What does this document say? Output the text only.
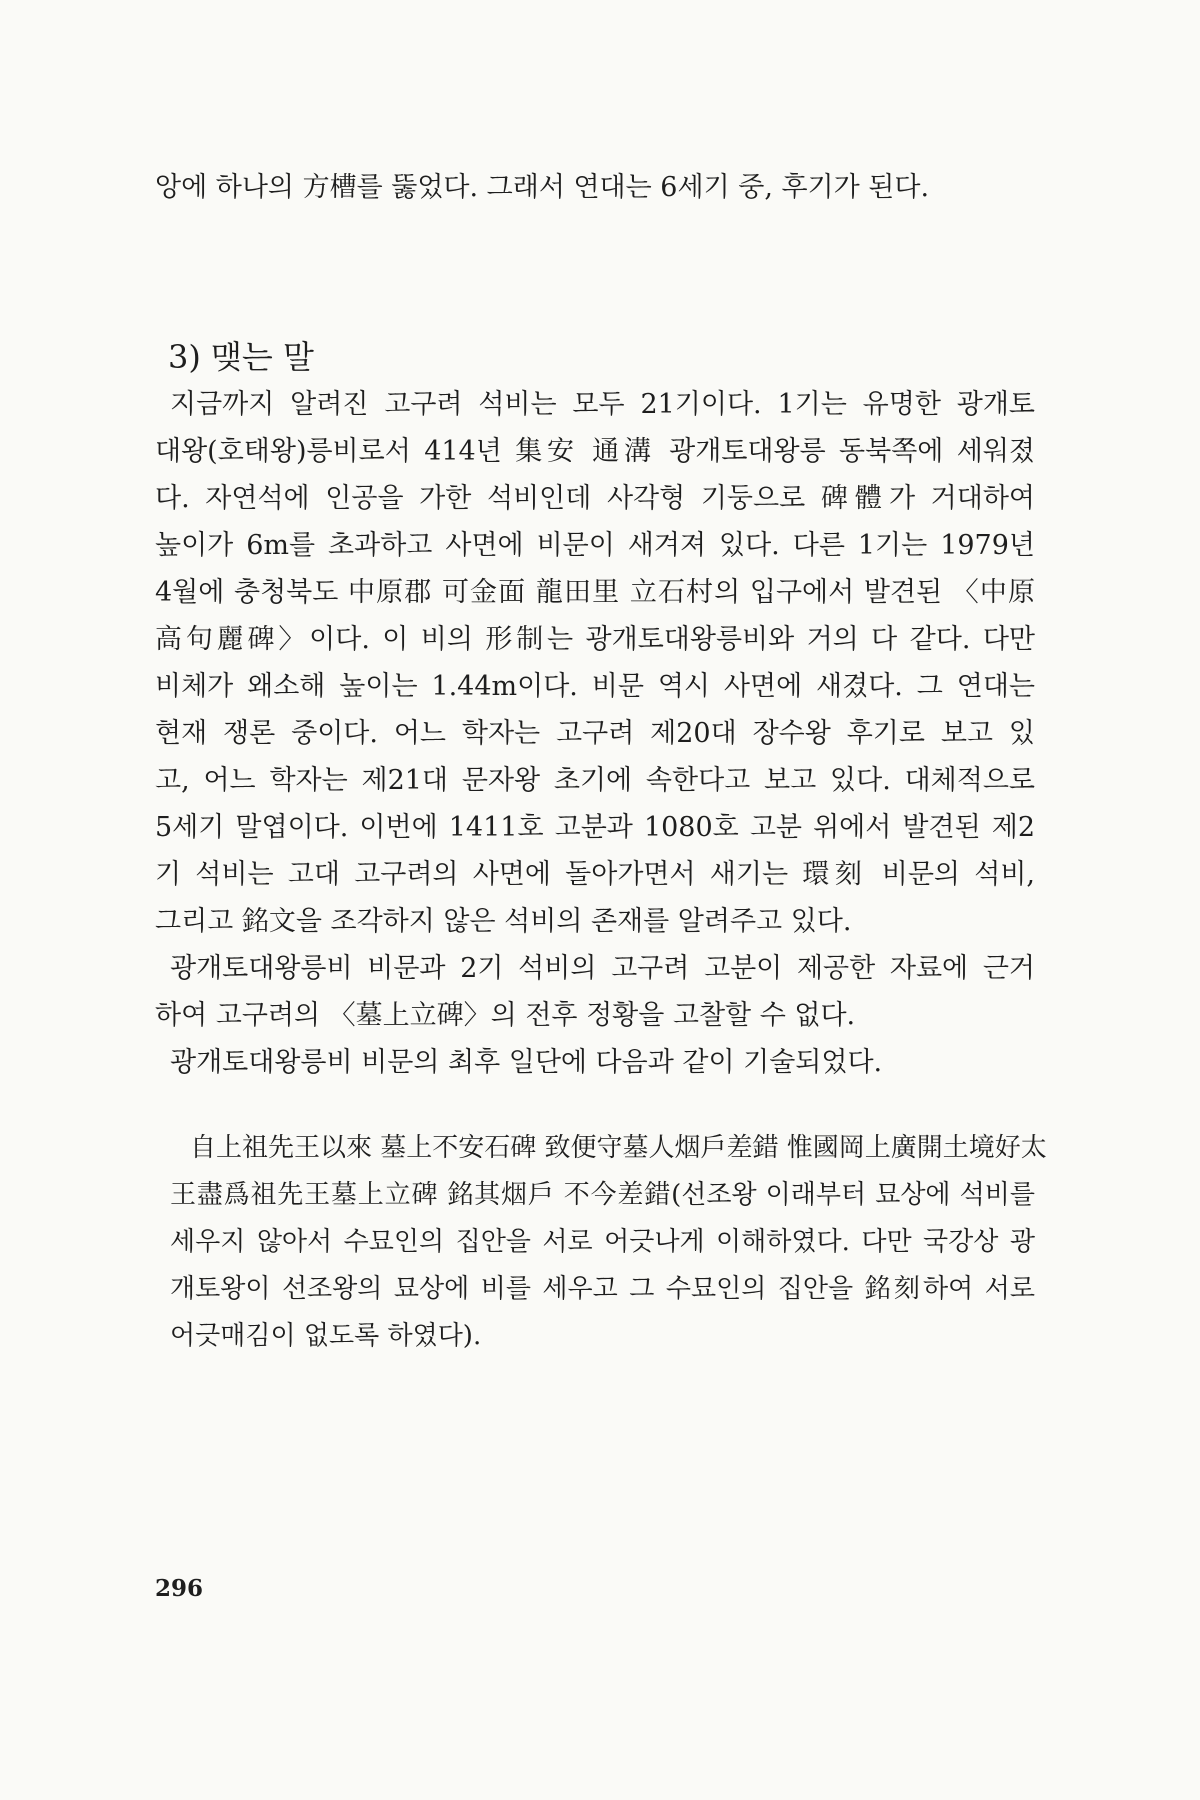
앙에 하나의 方槽를 뚫었다. 그래서 연대는 6세기 중, 후기가 된다.
3) 맺는 말
지금까지 알려진 고구려 석비는 모두 21기이다. 1기는 유명한 광개토
대왕(호태왕)릉비로서 414년 集安 通溝 광개토대왕릉 동북쪽에 세워졌
다. 자연석에 인공을 가한 석비인데 사각형 기둥으로 碑體가 거대하여
높이가 6m를 초과하고 사면에 비문이 새겨져 있다. 다른 1기는 1979년
4월에 충청북도 中原郡 可金面 龍田里 立石村의 입구에서 발견된 〈中原
高句麗碑〉이다. 이 비의 形制는 광개토대왕릉비와 거의 다 같다. 다만
비체가 왜소해 높이는 1.44m이다. 비문 역시 사면에 새겼다. 그 연대는
현재 쟁론 중이다. 어느 학자는 고구려 제20대 장수왕 후기로 보고 있
고, 어느 학자는 제21대 문자왕 초기에 속한다고 보고 있다. 대체적으로
5세기 말엽이다. 이번에 1411호 고분과 1080호 고분 위에서 발견된 제2
기 석비는 고대 고구려의 사면에 돌아가면서 새기는 環刻 비문의 석비,
그리고 銘文을 조각하지 않은 석비의 존재를 알려주고 있다.
광개토대왕릉비 비문과 2기 석비의 고구려 고분이 제공한 자료에 근거
하여 고구려의 〈墓上立碑〉의 전후 정황을 고찰할 수 없다.
광개토대왕릉비 비문의 최후 일단에 다음과 같이 기술되었다.
自上祖先王以來 墓上不安石碑 致便守墓人烟戶差錯 惟國岡上廣開土境好太
王盡爲祖先王墓上立碑 銘其烟戶 不今差錯(선조왕 이래부터 묘상에 석비를
세우지 않아서 수묘인의 집안을 서로 어긋나게 이해하였다. 다만 국강상 광
개토왕이 선조왕의 묘상에 비를 세우고 그 수묘인의 집안을 銘刻하여 서로
어긋매김이 없도록 하였다).
296
